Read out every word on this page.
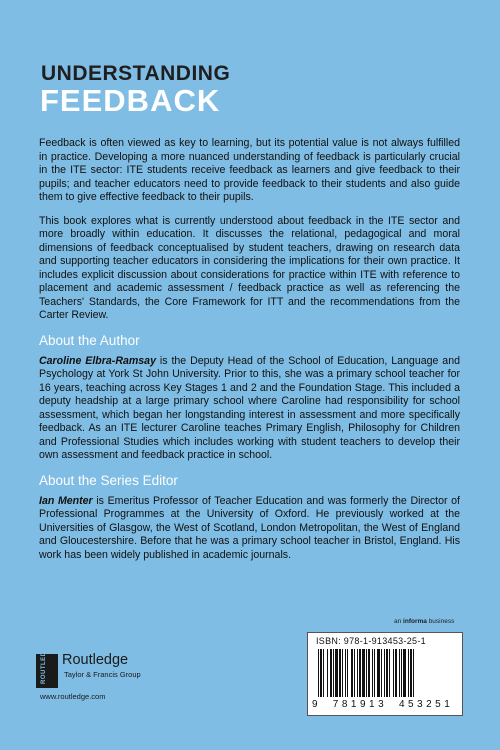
UNDERSTANDING
FEEDBACK

Feedback is often viewed as key to learning, but its potential value is not always fulfilled in practice. Developing a more nuanced understanding of feedback is particularly crucial in the ITE sector: ITE students receive feedback as learners and give feedback to their pupils; and teacher educators need to provide feedback to their students and also guide them to give effective feedback to their pupils.

This book explores what is currently understood about feedback in the ITE sector and more broadly within education. It discusses the relational, pedagogical and moral dimensions of feedback conceptualised by student teachers, drawing on research data and supporting teacher educators in considering the implications for their own practice. It includes explicit discussion about considerations for practice within ITE with reference to placement and academic assessment / feedback practice as well as referencing the Teachers' Standards, the Core Framework for ITT and the recommendations from the Carter Review.

About the Author

Caroline Elbra-Ramsay is the Deputy Head of the School of Education, Language and Psychology at York St John University. Prior to this, she was a primary school teacher for 16 years, teaching across Key Stages 1 and 2 and the Foundation Stage. This included a deputy headship at a large primary school where Caroline had responsibility for school assessment, which began her longstanding interest in assessment and more specifically feedback. As an ITE lecturer Caroline teaches Primary English, Philosophy for Children and Professional Studies which includes working with student teachers to develop their own assessment and feedback practice in school.

About the Series Editor

Ian Menter is Emeritus Professor of Teacher Education and was formerly the Director of Professional Programmes at the University of Oxford. He previously worked at the Universities of Glasgow, the West of Scotland, London Metropolitan, the West of England and Gloucestershire. Before that he was a primary school teacher in Bristol, England. His work has been widely published in academic journals.

an informa business
ISBN: 978-1-913453-25-1
9 781913 453251
ROUTLEDGE Routledge
Taylor & Francis Group
www.routledge.com
